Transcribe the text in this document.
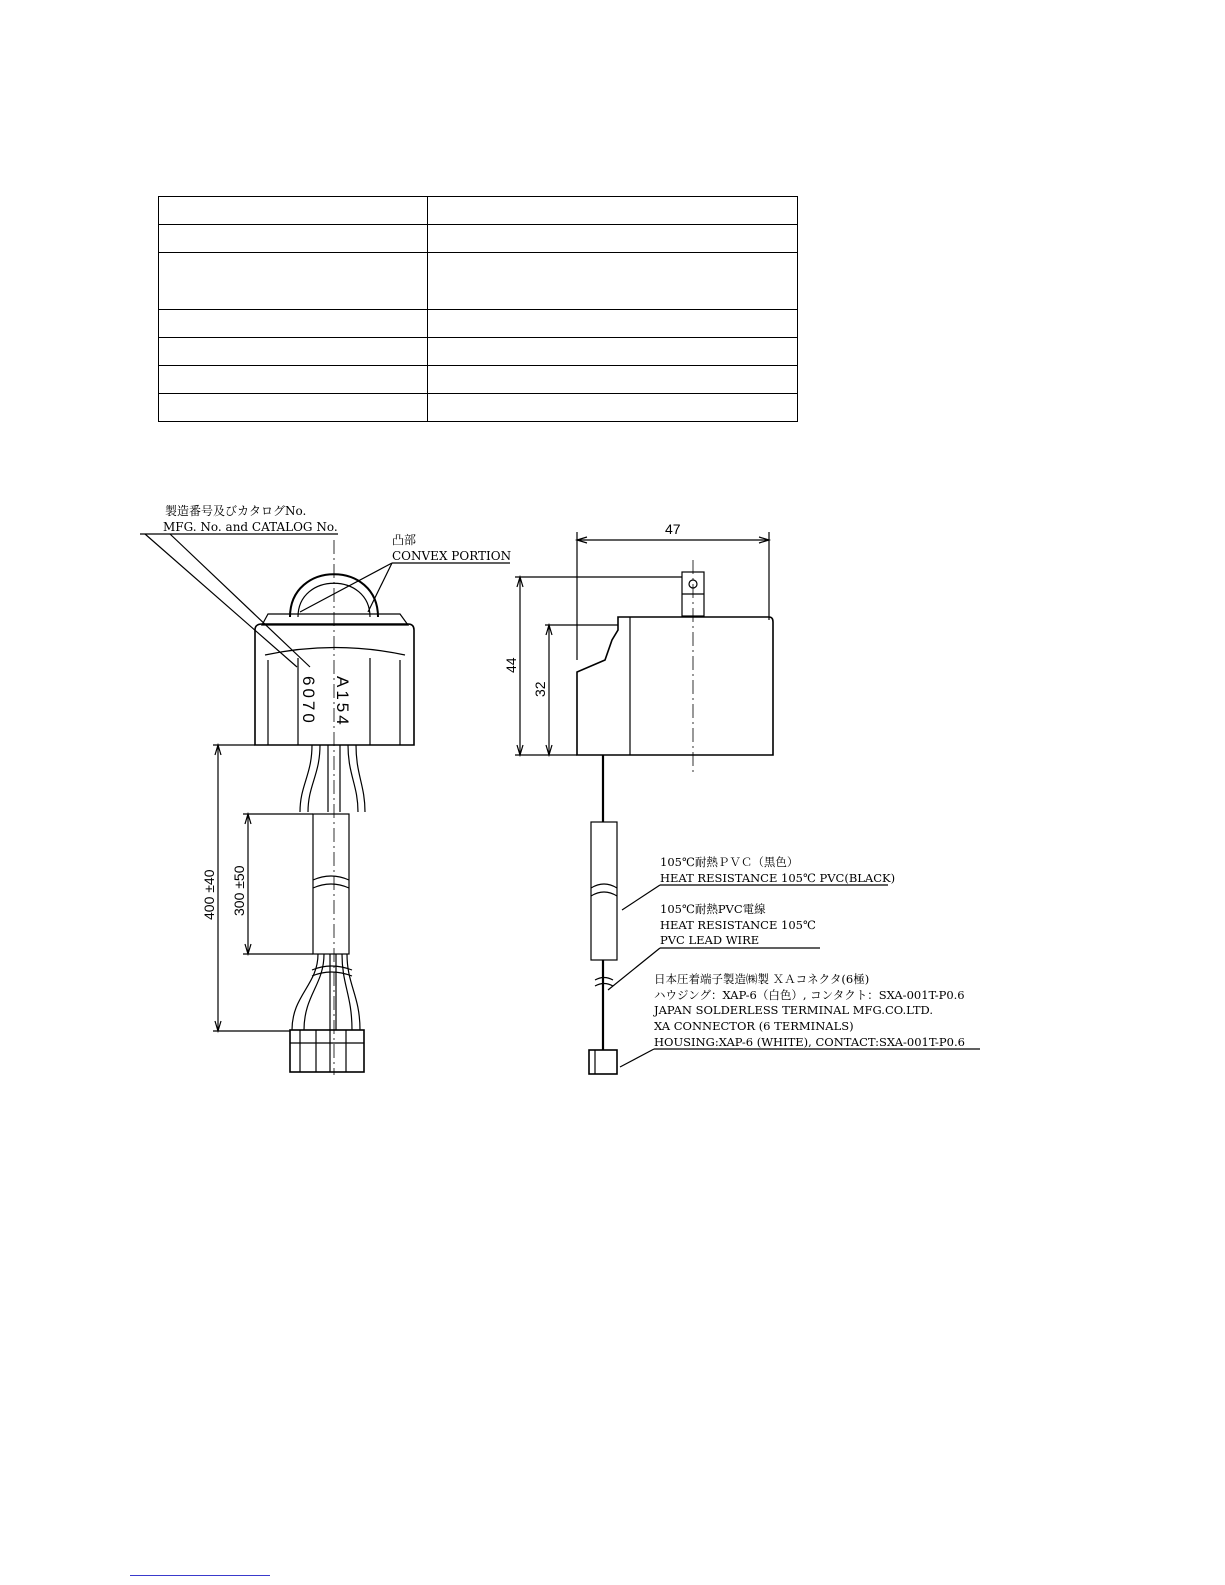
製造番号及びカタログNo.
MFG. No. and CATALOG No.
凸部
CONVEX PORTION
A154
6070
400 ±40 300 ±50
47
44
32
105℃耐熱ＰＶＣ（黒色）
HEAT RESISTANCE 105℃ PVC(BLACK)
105℃耐熱PVC電線
HEAT RESISTANCE 105℃
PVC LEAD WIRE
日本圧着端子製造㈱製 ＸＡコネクタ(6極)
ハウジング：XAP-6（白色）, コンタクト：SXA-001T-P0.6
JAPAN SOLDERLESS TERMINAL MFG.CO.LTD.
XA CONNECTOR (6 TERMINALS)
HOUSING:XAP-6 (WHITE), CONTACT:SXA-001T-P0.6
